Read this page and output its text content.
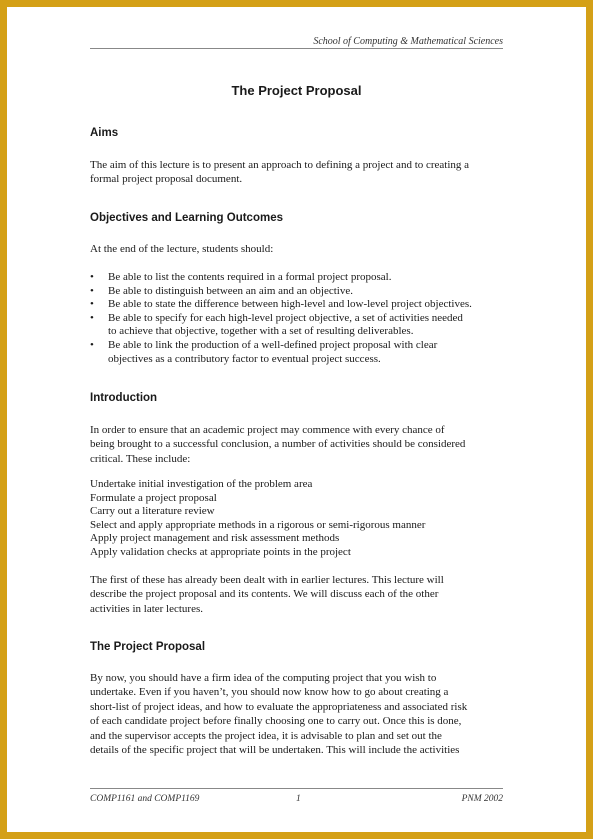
School of Computing & Mathematical Sciences
The Project Proposal
Aims

The aim of this lecture is to present an approach to defining a project and to creating a

formal project proposal document.

Objectives and Learning Outcomes

At the end of the lecture, students should:

• Be able to list the contents required in a formal project proposal.
• Be able to distinguish between an aim and an objective.
• Be able to state the difference between high-level and low-level project objectives.
• Be able to specify for each high-level project objective, a set of activities needed
to achieve that objective, together with a set of resulting deliverables.
• Be able to link the production of a well-defined project proposal with clear
objectives as a contributory factor to eventual project success.
Introduction

In order to ensure that an academic project may commence with every chance of

being brought to a successful conclusion, a number of activities should be considered

critical. These include:

Undertake initial investigation of the problem area
Formulate a project proposal
Carry out a literature review
Select and apply appropriate methods in a rigorous or semi-rigorous manner
Apply project management and risk assessment methods
Apply validation checks at appropriate points in the project

The first of these has already been dealt with in earlier lectures. This lecture will

describe the project proposal and its contents. We will discuss each of the other

activities in later lectures.

The Project Proposal

By now, you should have a firm idea of the computing project that you wish to

undertake. Even if you haven’t, you should now know how to go about creating a

short-list of project ideas, and how to evaluate the appropriateness and associated risk

of each candidate project before finally choosing one to carry out. Once this is done,

and the supervisor accepts the project idea, it is advisable to plan and set out the

details of the specific project that will be undertaken. This will include the activities

COMP1161 and COMP1169	1	PNM 2002
